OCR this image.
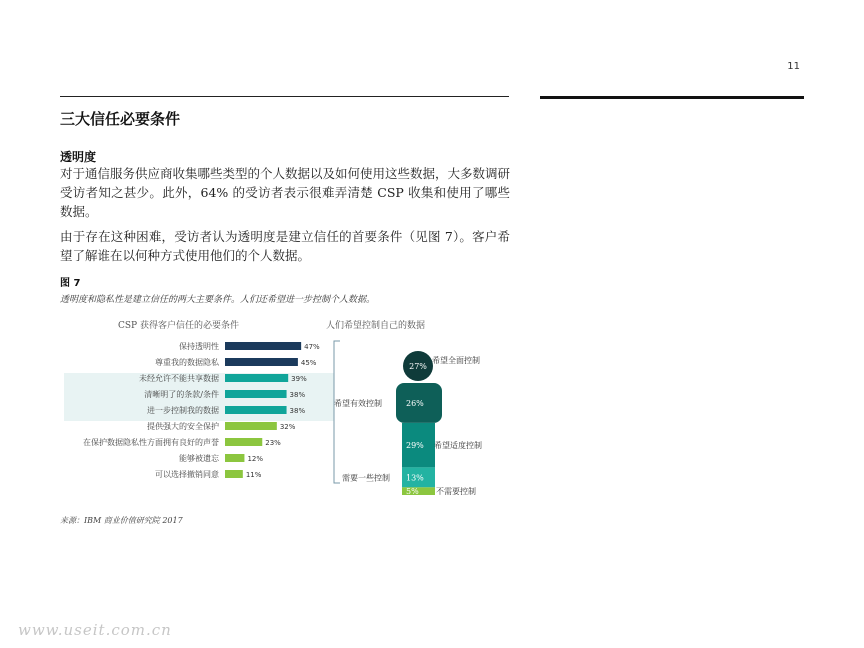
11
三大信任必要条件
透明度
对于通信服务供应商收集哪些类型的个人数据以及如何使用这些数据，大多数调研受访者知之甚少。此外，64% 的受访者表示很难弄清楚 CSP 收集和使用了哪些数据。
由于存在这种困难，受访者认为透明度是建立信任的首要条件（见图 7）。客户希望了解谁在以何种方式使用他们的个人数据。
图 7
透明度和隐私性是建立信任的两大主要条件。人们还希望进一步控制个人数据。
CSP 获得客户信任的必要条件	人们希望控制自己的数据
保持透明性	47%
尊重我的数据隐私	45%
未经允许不能共享数据	39%
清晰明了的条款/条件	38%
进一步控制我的数据	38%
提供强大的安全保护	32%
在保护数据隐私性方面拥有良好的声誉	23%
能够被遗忘	12%
可以选择撤销同意	11%
27%
26%
29%
13%
5%
希望全面控制
希望有效控制
希望适度控制
需要一些控制
不需要控制
来源：IBM 商业价值研究院 2017
www.useit.com.cn
